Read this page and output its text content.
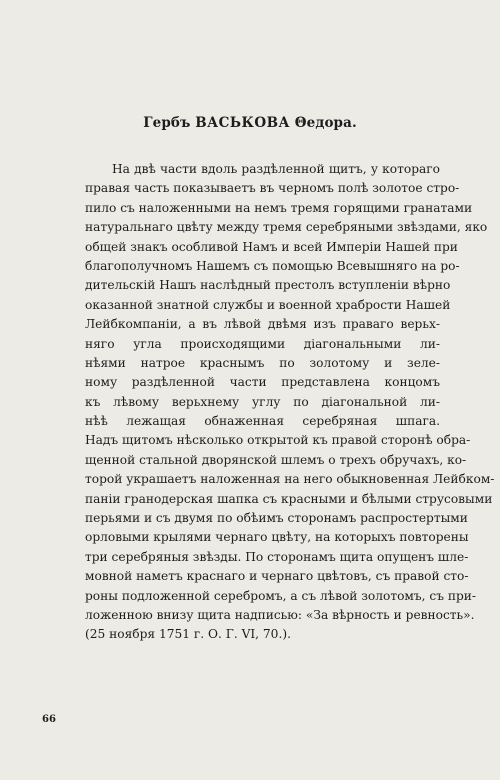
Гербъ ВАСЬКОВА Θедора.
На двѣ части вдоль раздѣленной щитъ, у котораго
правая часть показываетъ въ черномъ полѣ золотое стро-
пило съ наложенными на немъ тремя горящими гранатами
натуральнаго цвѣту между тремя серебряными звѣздами, яко
общей знакъ особливой Намъ и всей Имперіи Нашей при
благополучномъ Нашемъ съ помощью Всевышняго на ро-
дительскій Нашъ наслѣдный престолъ вступленіи вѣрно
оказанной знатной службы и военной храбрости Нашей
Лейбкомпаніи, а въ лѣвой двѣмя изъ праваго верьх-
няго угла происходящими діагональными ли-
нѣями натрое краснымъ по золотому и зеле-
ному раздѣленной части представлена концомъ
къ лѣвому верьхнему углу по діагональной ли-
нѣѣ лежащая обнаженная серебряная шпага.
Надъ щитомъ нѣсколько открытой къ правой сторонѣ обра-
щенной стальной дворянской шлемъ о трехъ обручахъ, ко-
торой украшаетъ наложенная на него обыкновенная Лейбком-
паніи гранодерская шапка съ красными и бѣлыми струсовыми
перьями и съ двумя по обѣимъ сторонамъ распростертыми
орловыми крылями чернаго цвѣту, на которыхъ повторены
три серебряныя звѣзды. По сторонамъ щита опущенъ шле-
мовной наметъ краснаго и чернаго цвѣтовъ, съ правой сто-
роны подложенной серебромъ, а съ лѣвой золотомъ, съ при-
ложенною внизу щита надписью: «За вѣрность и ревность».
(25 ноября 1751 г. О. Г. VI, 70.).
66
